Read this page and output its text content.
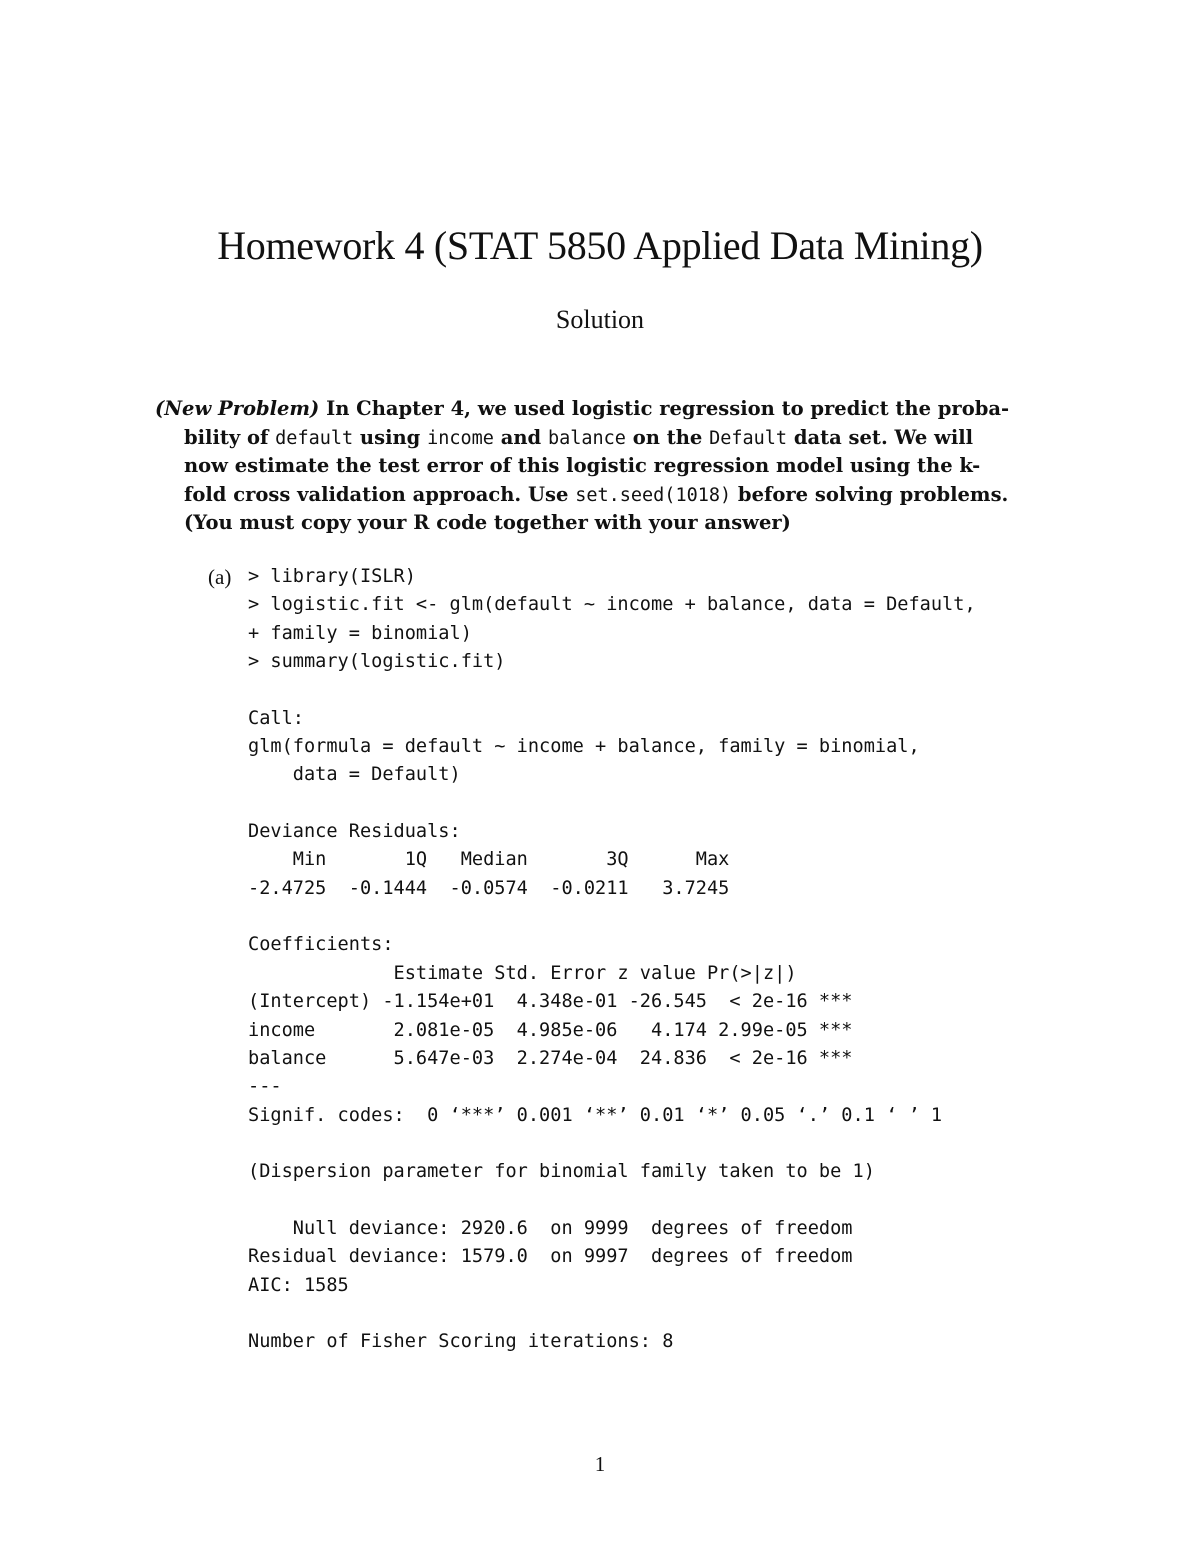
Homework 4 (STAT 5850 Applied Data Mining)
Solution
(New Problem) In Chapter 4, we used logistic regression to predict the proba-
bility of default using income and balance on the Default data set. We will
now estimate the test error of this logistic regression model using the k-
fold cross validation approach. Use set.seed(1018) before solving problems.
(You must copy your R code together with your answer)
(a) > library(ISLR)
> logistic.fit <- glm(default ~ income + balance, data = Default,
+ family = binomial)
> summary(logistic.fit)

Call:
glm(formula = default ~ income + balance, family = binomial,
data = Default)

Deviance Residuals:
Min       1Q   Median       3Q      Max
-2.4725  -0.1444  -0.0574  -0.0211   3.7245

Coefficients:
Estimate Std. Error z value Pr(>|z|)
(Intercept) -1.154e+01  4.348e-01 -26.545  < 2e-16 ***
income       2.081e-05  4.985e-06   4.174 2.99e-05 ***
balance      5.647e-03  2.274e-04  24.836  < 2e-16 ***
---
Signif. codes:  0 ‘***’ 0.001 ‘**’ 0.01 ‘*’ 0.05 ‘.’ 0.1 ‘ ’ 1

(Dispersion parameter for binomial family taken to be 1)

Null deviance: 2920.6  on 9999  degrees of freedom
Residual deviance: 1579.0  on 9997  degrees of freedom
AIC: 1585

Number of Fisher Scoring iterations: 8

1
